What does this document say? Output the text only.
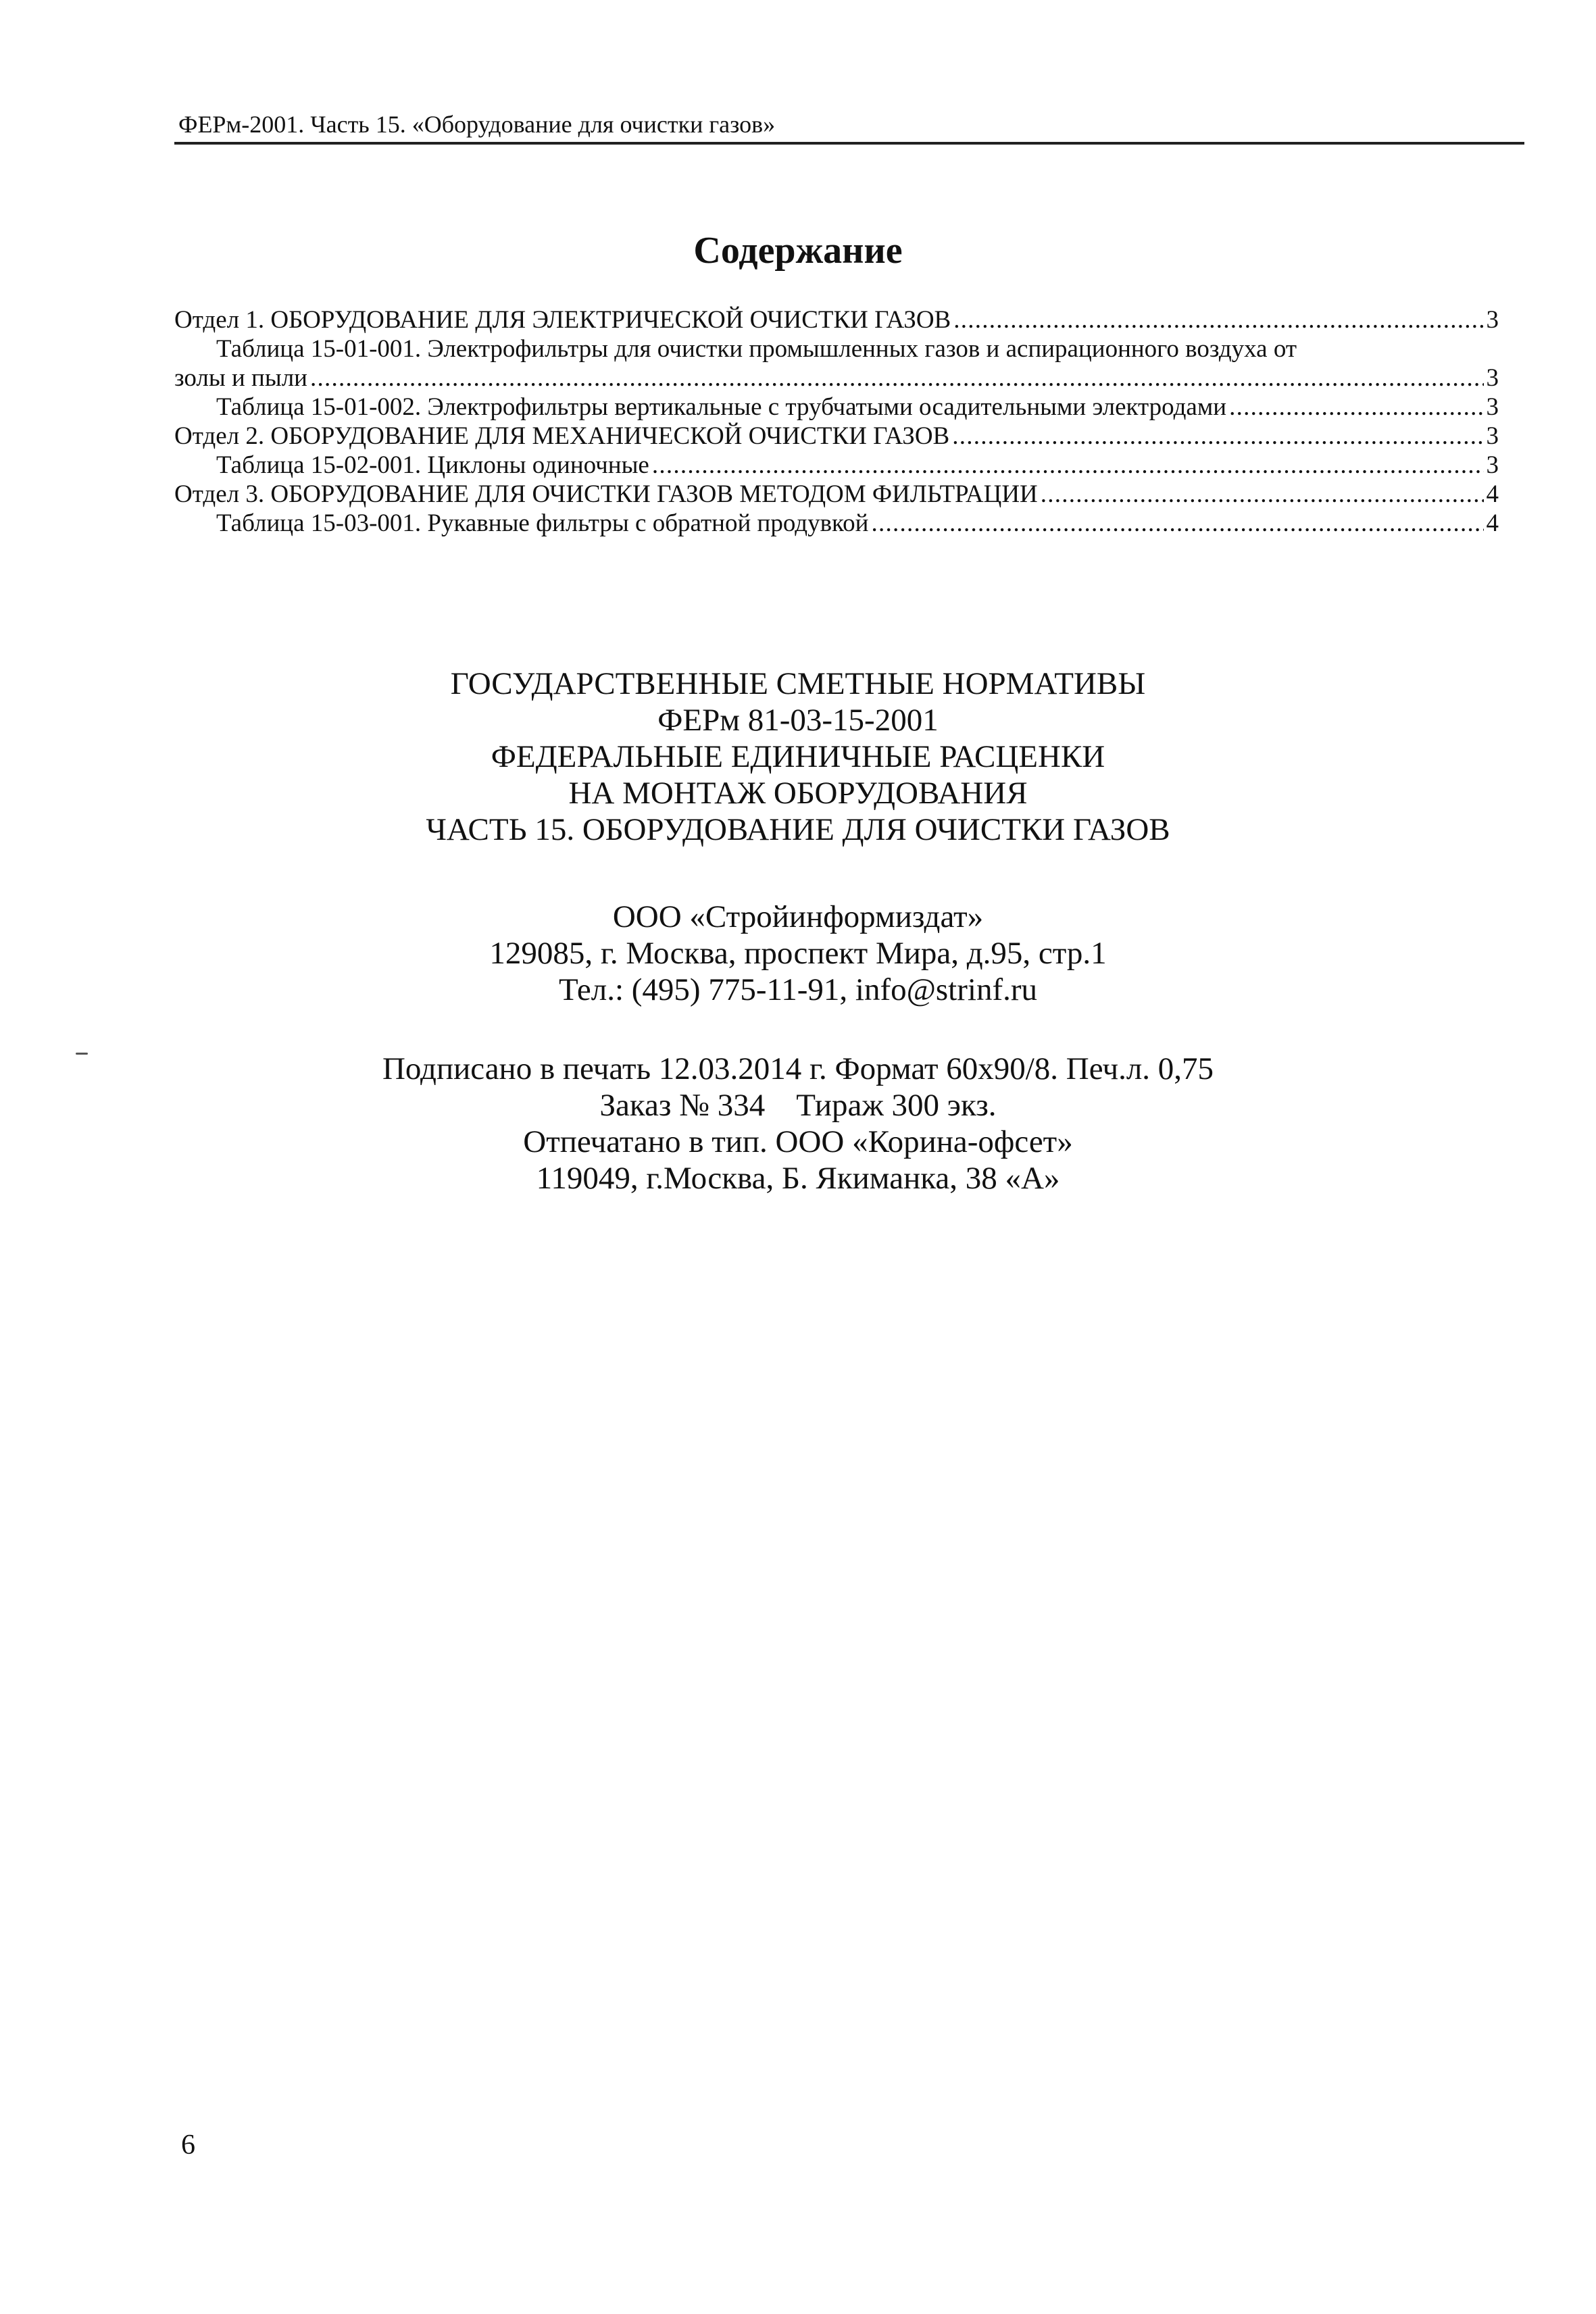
ФЕРм-2001. Часть 15. «Оборудование для очистки газов»
Содержание
Отдел 1. ОБОРУДОВАНИЕ ДЛЯ ЭЛЕКТРИЧЕСКОЙ ОЧИСТКИ ГАЗОВ . . .	3
Таблица 15-01-001. Электрофильтры для очистки промышленных газов и аспирационного воздуха от
золы и пыли . . .	3
Таблица 15-01-002. Электрофильтры вертикальные с трубчатыми осадительными электродами . . .	3
Отдел 2. ОБОРУДОВАНИЕ ДЛЯ МЕХАНИЧЕСКОЙ ОЧИСТКИ ГАЗОВ . . .	3
Таблица 15-02-001. Циклоны одиночные . . .	3
Отдел 3. ОБОРУДОВАНИЕ ДЛЯ ОЧИСТКИ ГАЗОВ МЕТОДОМ ФИЛЬТРАЦИИ . . .	4
Таблица 15-03-001. Рукавные фильтры с обратной продувкой . . .	4
ГОСУДАРСТВЕННЫЕ СМЕТНЫЕ НОРМАТИВЫ
ФЕРм 81-03-15-2001
ФЕДЕРАЛЬНЫЕ ЕДИНИЧНЫЕ РАСЦЕНКИ
НА МОНТАЖ ОБОРУДОВАНИЯ
ЧАСТЬ 15. ОБОРУДОВАНИЕ ДЛЯ ОЧИСТКИ ГАЗОВ
ООО «Стройинформиздат»
129085, г. Москва, проспект Мира, д.95, стр.1
Тел.: (495) 775-11-91, info@strinf.ru
Подписано в печать 12.03.2014 г. Формат 60x90/8. Печ.л. 0,75
Заказ № 334 Тираж 300 экз.
Отпечатано в тип. ООО «Корина-офсет»
119049, г.Москва, Б. Якиманка, 38 «А»
6
